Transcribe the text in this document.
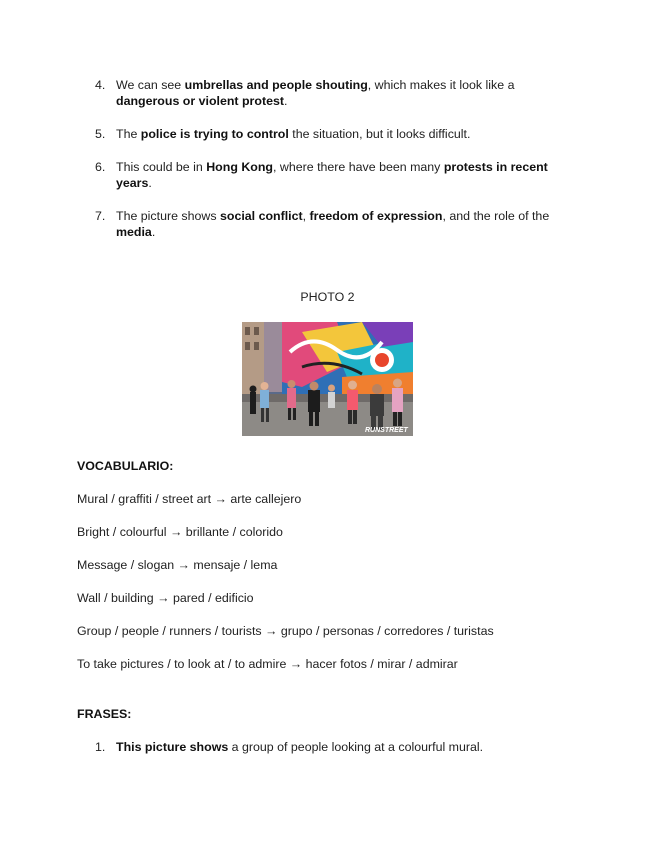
4. We can see umbrellas and people shouting, which makes it look like a dangerous or violent protest.
5. The police is trying to control the situation, but it looks difficult.
6. This could be in Hong Kong, where there have been many protests in recent years.
7. The picture shows social conflict, freedom of expression, and the role of the media.
PHOTO 2
RUNSTREET
VOCABULARIO:
Mural / graffiti / street art → arte callejero
Bright / colourful → brillante / colorido
Message / slogan → mensaje / lema
Wall / building → pared / edificio
Group / people / runners / tourists → grupo / personas / corredores / turistas
To take pictures / to look at / to admire → hacer fotos / mirar / admirar
FRASES:
1. This picture shows a group of people looking at a colourful mural.
